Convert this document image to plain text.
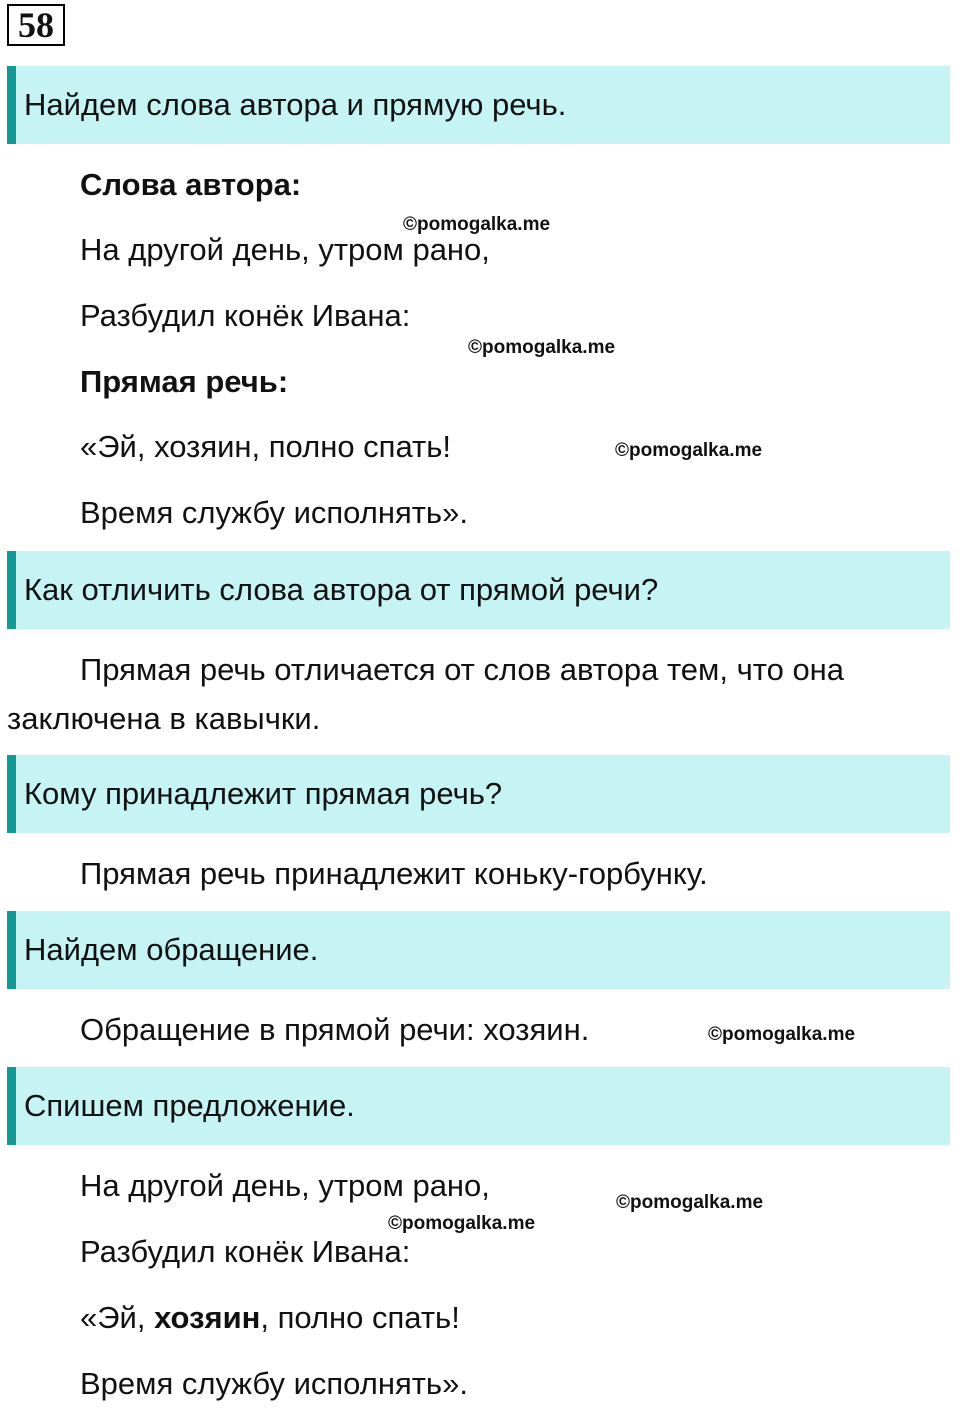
58
Найдем слова автора и прямую речь.
Слова автора:
©pomogalka.me
На другой день, утром рано,
Разбудил конёк Ивана:
©pomogalka.me
Прямая речь:
«Эй, хозяин, полно спать!	©pomogalka.me
Время службу исполнять».
Как отличить слова автора от прямой речи?
Прямая речь отличается от слов автора тем, что она
заключена в кавычки.
Кому принадлежит прямая речь?
Прямая речь принадлежит коньку-горбунку.
Найдем обращение.
Обращение в прямой речи: хозяин.	©pomogalka.me
Спишем предложение.
На другой день, утром рано,	©pomogalka.me
©pomogalka.me
Разбудил конёк Ивана:
«Эй, хозяин, полно спать!
Время службу исполнять».
